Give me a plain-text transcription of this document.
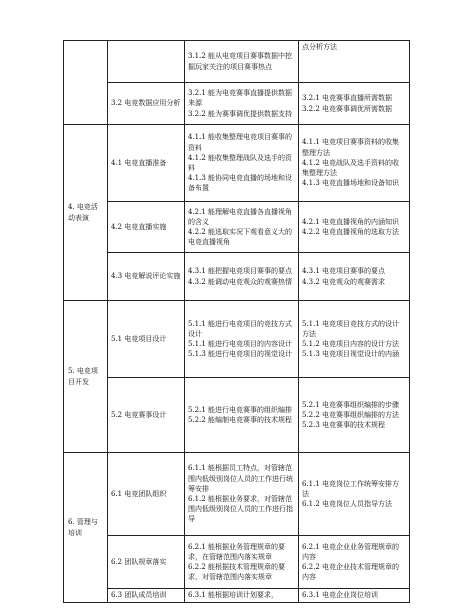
		3.1.2 能从电竞项目赛事数据中挖掘玩家关注的项目赛事热点	点分析方法

	3.2 电竞数据应用分析	3.2.1 能为电竞赛事直播提供数据来源
3.2.2 能为赛事调优提供数据支持	3.2.1 电竞赛事直播所需数据
3.2.2 电竞赛事调优所需数据

4. 电竞活动表演	4.1 电竞直播准备	4.1.1 能收集整理电竞项目赛事的资料
4.1.2 能收集整理战队及选手的资料
4.1.3 能协同电竞直播的场地和设备布置	4.1.1 电竞项目赛事资料的收集整理方法
4.1.2 电竞战队及选手资料的收集整理方法
4.1.3 电竞直播场地和设备知识

	4.2 电竞直播实施	4.2.1 能理解电竞直播各直播视角的含义
4.2.2 能选取实况下观看意义大的电竞直播视角	4.2.1 电竞直播视角的内涵知识
4.2.2 电竞直播视角的选取方法

	4.3 电竞解说评论实施	4.3.1 能把握电竞项目赛事的要点
4.3.2 能调动电竞观众的观赛热情	4.3.1 电竞项目赛事的要点
4.3.2 电竞观众的观赛需求

5. 电竞项目开发	5.1 电竞项目设计	5.1.1 能进行电竞项目的竞技方式设计
5.1.1 能进行电竞项目的内容设计
5.1.3 能进行电竞项目的视觉设计	5.1.1 电竞项目竞技方式的设计方法
5.1.2 电竞项目内容的设计方法
5.1.3 电竞项目视觉设计的内涵

	5.2 电竞赛事设计	5.2.1 能进行电竞赛事的组织编排
5.2.2 能编制电竞赛事的技术规程	5.2.1 电竞赛事组织编排的步骤
5.2.2 电竞赛事组织编排的方法
5.2.3 电竞赛事的技术规程

6. 管理与培训	6.1 电竞团队组织	6.1.1 能根据员工特点，对管辖范围内低级别岗位人员的工作进行统筹安排
6.1.2 能根据业务要求，对管辖范围内低级别岗位人员的工作进行指导	6.1.1 电竞岗位工作统筹安排方法
6.1.2 电竞岗位人员指导方法

	6.2 团队规章落实	6.2.1 能根据业务管理规章的要求，在管辖范围内落实规章
6.2.2 能根据技术管理规章的要求，对管辖范围内落实规章	6.2.1 电竞企业业务管理规章的内容
6.2.2 电竞企业技术管理规章的内容

	6.3 团队成员培训	6.3.1 能根据培训计划要求，	6.3.1 电竞企业岗位培训
